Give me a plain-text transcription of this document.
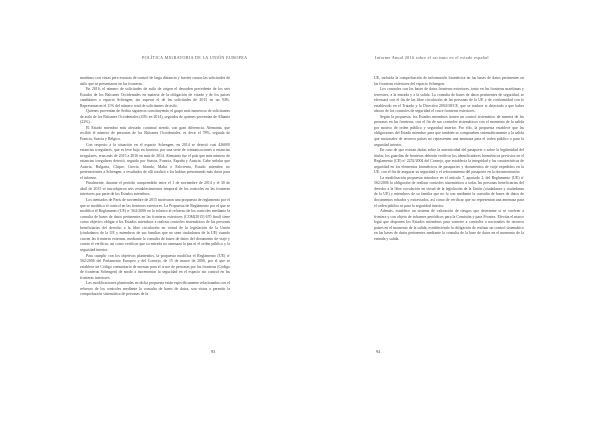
POLÍTICA MIGRATORIA DE LA UNIÓN EUROPEA

marítimo con vistas pero estatuto de control de larga distancia y fuertes causas las solicitudes de asilo que se presentaron en las fronteras.

En 2016, el número de solicitudes de asilo de origen el desorden precedente de los seis Estados de los Balcanes Occidentales en materia de la obligación de visado y de los países candidatos a espacio Schengen, sin superar el de las solicitudes de 2015 en un 94%. Representaron el 11% del número total de solicitantes de asilo.

Quienes provenían de Serbia siguieron constituyendo el grupo más numeroso de solicitantes de asilo de los Balcanes Occidentales (43% en 2014), seguidos de quienes provenían de Albania (22%).

El Estado miembro más afectado continuó siendo, con gran diferencia, Alemania, que recibió el número de personas de los Balcanes Occidentales, es decir el 78%, seguida de Francia, Suecia y Bélgica.

Con respecto a la situación en el espacio Schengen, en 2014 se detectó casi 426000 estancias irregulares, que es leve bajo en frontera, por una serie de comunicaciones a estancias irregulares, eran más de 2015 a 2016 en más de 2014. Alemania fue el país que más número de estancias irregulares detectó, seguido por Suecia, Francia, España y Austria. Cabe señalar que Austria, Bulgaria, Chipre, Grecia, Irlanda, Malta o Eslovenia, Estado miembro no pertenecientes a Schengen, a resultados de allí totalizó a los habían presentando más datos para el informe.

Finalmente, durante el período comprendido entre el 1 de noviembre de 2014 y el 30 de abril de 2015 se introdujeron seis restablecimientos temporal de los controles en las fronteras interiores por parte de los Estados miembros.

Los atentados de París de noviembre de 2015 motivaron una propuesta de reglamento por el que se modifica el control en las fronteras exteriores. La Propuesta de Reglamento por el que se modifica el Reglamento (UE) nº 562/2006 en lo relativo al refuerzo de los controles mediante la consulta de bases de datos pertinentes en las fronteras exteriores (COM(2015) 670 final) tiene como objetivo obligar a los Estados miembros a realizar controles sistemáticos de las personas beneficiarias del derecho a la libre circulación en virtud de la legislación de la Unión (ciudadanos de la UE y miembros de sus familias que no sean ciudadanos de la UE) cuando crucen las fronteras externas, mediante la consulta de bases de datos del documento de viaje y contra el verificar, así como verificar que su entrada no amenaza la paz ni el orden público y la seguridad interior.

Para cumplir con los objetivos planteados, la propuesta modifica el Reglamento (UE) nº 562/2006 del Parlamento Europeo y del Consejo, de 15 de marzo de 2006, por el que se establece un Código comunitario de normas para el cruce de personas por las fronteras (Código de fronteras Schengen) de modo a incrementar la seguridad en el espacio sin control en las fronteras interiores.

Las modificaciones planteadas en dicha propuesta están específicamente relacionadas con el refuerzo de los controles mediante la consulta de bases de datos, son vistas a permitir la comprobación sistemática de personas de la

93
Informe Anual 2016 sobre el racismo en el estado español

UE, incluida la comprobación de información biométrica en las bases de datos pertinentes en las fronteras exteriores del espacio Schengen.

Los controles con las bases de datos fronteras exteriores, tanto en las fronteras marítimas y terrestres, a la entrada y a la salida. La consulta de bases de datos pertinentes de seguridad, se efectuará con el fin de las libre circulación de las personas de la UE y de conformidad con lo establecido en el Tratado y la Directiva 2004/38/CE, que se traduce si detectado a que haber ahorro de los controles de seguridad el cruce fronteras exteriores.

Según la propuesta, los Estados miembros tienen un control sistemático de manera de las personas en las fronteras, con el fin de sus controles sistemáticos con el momento de la salida por motivo de orden público y seguridad interior. Por ello, la propuesta establece que las obligaciones del Estado miembro para que también se comprueben sistemáticamente a la salida que nacionales de terceros países no representen una amenaza para el orden público o para la seguridad interior.

En caso de que existan dudas sobre la autenticidad del pasaporte o sobre la legitimidad del titular, los guardias de fronteras deberán verificar los identificadores biométricos previstos en el Reglamento (CE) nº 2252/2004 del Consejo, que establecía la integridad y las características de seguridad en los elementos biométricos de pasaportes y documentos de viaje expedidos en la UE, con el fin de asegurar su seguridad y el reforzamiento del pasaporte en la documentación.

La modificación propuesta introduce en el artículo 7, apartado 2, del Reglamento (UE) nº 562/2006 la obligación de realizar controles sistemáticos a todas las personas beneficiarias del derecho a la libre circulación en virtud de la legislación de la Unión (ciudadanos y ciudadanas de la UE) y miembros de su familia que no lo son mediante la consulta de bases de datos de documentos robados y extraviados, así como de verificar que no representan una amenaza para el orden público ni para la seguridad interior.

Además, establece un sistema de valoración de riesgos que determine si se vuelven a frontera y con objeto de informes periódicos para la Comisión y para Frontex. Efectúa el marco legal que disponen los Estados miembros para someter a controles a nacionales de terceros países en el momento de la salida, estableciendo la obligación de realizar un control sistemático en las bases de datos pertinentes mediante la consulta de la base de datos en el momento de la entrada y salida.

94
